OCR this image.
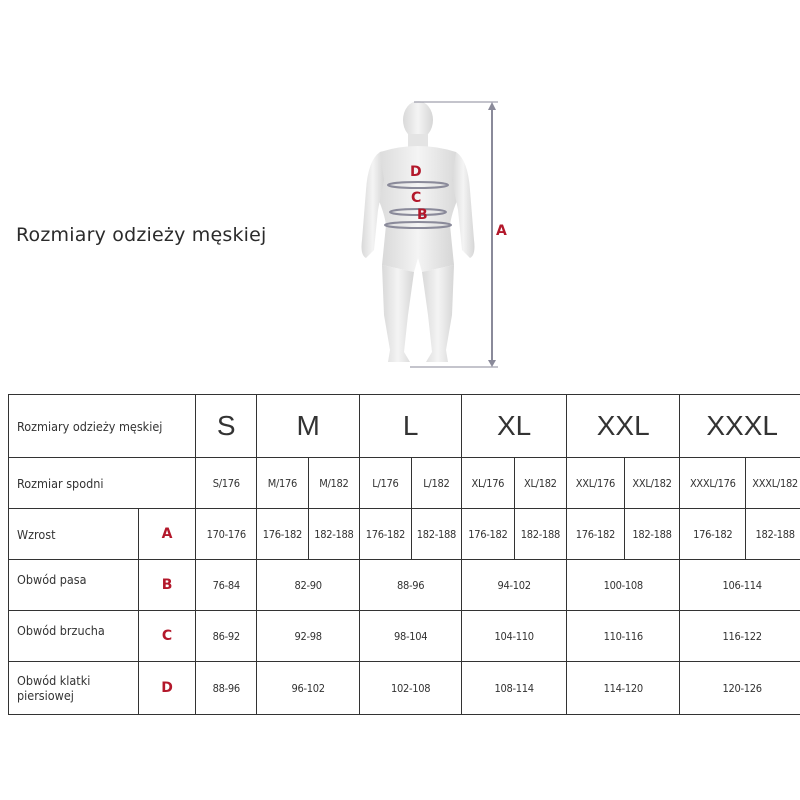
Rozmiary odzieży męskiej
D
C
B
A
Rozmiary odzieży męskiej		S	M		L		XL		XXL		XXXL	
Rozmiar spodni		S/176	M/176	M/182	L/176	L/182	XL/176	XL/182	XXL/176	XXL/182	XXXL/176	XXXL/182
Wzrost	A	170-176	176-182	182-188	176-182	182-188	176-182	182-188	176-182	182-188	176-182	182-188
Obwód pasa	B	76-84	82-90		88-96		94-102		100-108		106-114	
Obwód brzucha	C	86-92	92-98		98-104		104-110		110-116		116-122	
Obwód klatki piersiowej	D	88-96	96-102		102-108		108-114		114-120		120-126	
